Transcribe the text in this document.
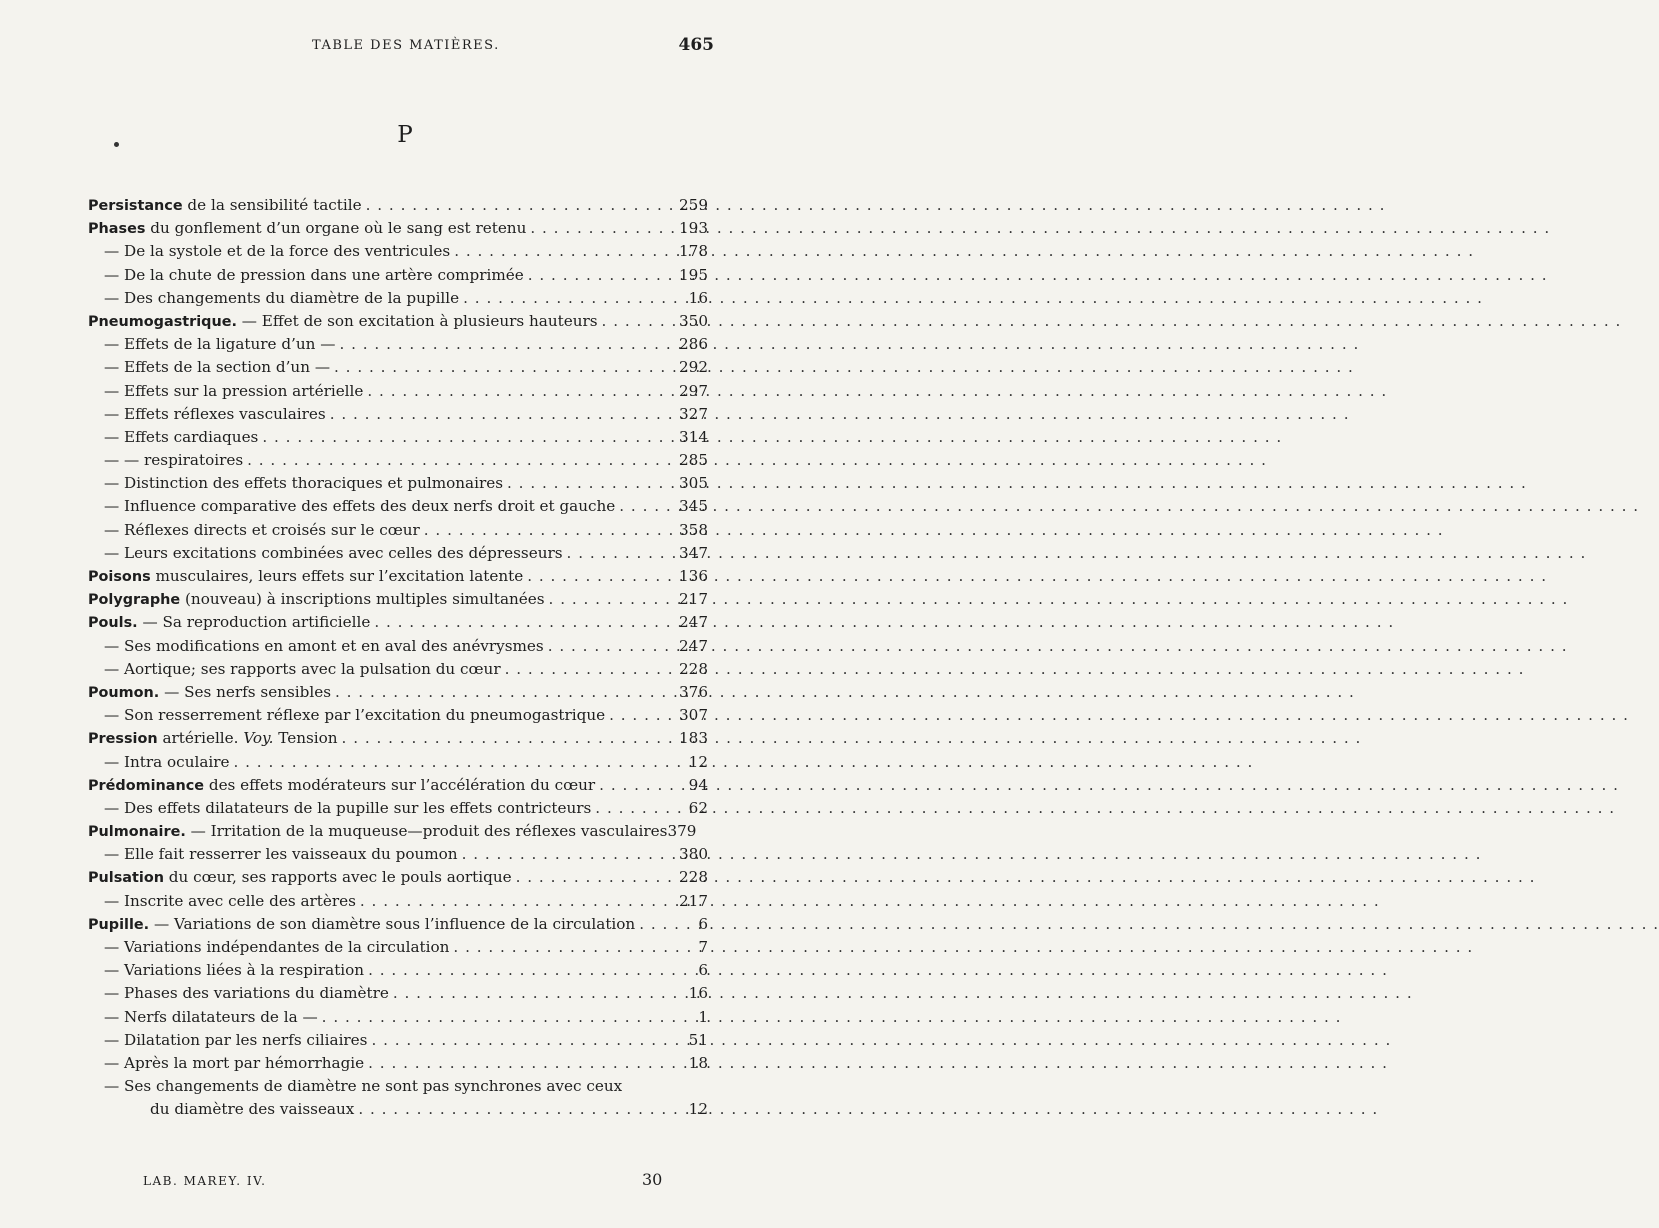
TABLE DES MATIÈRES.	465
P
Persistance de la sensibilité tactile . . .	259
Phases du gonflement d’un organe où le sang est retenu . . .	193
— De la systole et de la force des ventricules . . .	178
— De la chute de pression dans une artère comprimée . . .	195
— Des changements du diamètre de la pupille . . .	16
Pneumogastrique. — Effet de son excitation à plusieurs hauteurs . . .	350
— Effets de la ligature d’un — . . .	286
— Effets de la section d’un — . . .	292
— Effets sur la pression artérielle . . .	297
— Effets réflexes vasculaires . . .	327
— Effets cardiaques . . .	314
— — respiratoires . . .	285
— Distinction des effets thoraciques et pulmonaires . . .	305
— Influence comparative des effets des deux nerfs droit et gauche . . .	345
— Réflexes directs et croisés sur le cœur . . .	358
— Leurs excitations combinées avec celles des dépresseurs . . .	347
Poisons musculaires, leurs effets sur l’excitation latente . . .	136
Polygraphe (nouveau) à inscriptions multiples simultanées . . .	217
Pouls. — Sa reproduction artificielle . . .	247
— Ses modifications en amont et en aval des anévrysmes . . .	247
— Aortique; ses rapports avec la pulsation du cœur . . .	228
Poumon. — Ses nerfs sensibles . . .	376
— Son resserrement réflexe par l’excitation du pneumogastrique . . .	307
Pression artérielle. Voy. Tension . . .	183
— Intra oculaire . . .	12
Prédominance des effets modérateurs sur l’accélération du cœur . . .	94
— Des effets dilatateurs de la pupille sur les effets contricteurs . . .	62
Pulmonaire. — Irritation de la muqueuse—produit des réflexes vasculaires 379
— Elle fait resserrer les vaisseaux du poumon . . .	380
Pulsation du cœur, ses rapports avec le pouls aortique . . .	228
— Inscrite avec celle des artères . . .	217
Pupille. — Variations de son diamètre sous l’influence de la circulation . . .	6
— Variations indépendantes de la circulation . . .	7
— Variations liées à la respiration . . .	6
— Phases des variations du diamètre . . .	16
— Nerfs dilatateurs de la — . . .	1
— Dilatation par les nerfs ciliaires . . .	51
— Après la mort par hémorrhagie . . .	18
— Ses changements de diamètre ne sont pas synchrones avec ceux
du diamètre des vaisseaux . . .	12
LAB. MAREY. IV.	30
